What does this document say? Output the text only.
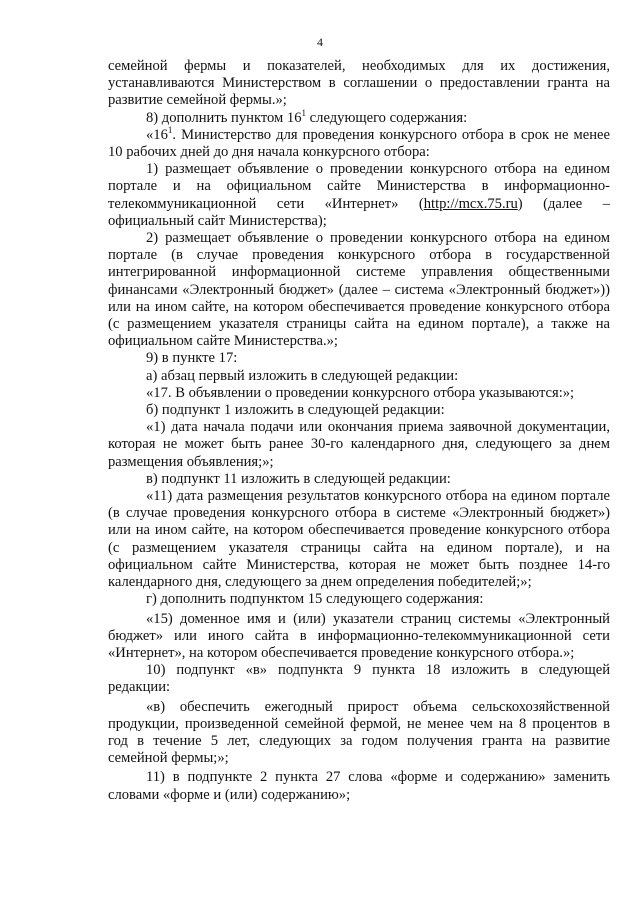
4

семейной фермы и показателей, необходимых для их достижения, устанавливаются Министерством в соглашении о предоставлении гранта на развитие семейной фермы.»;

8) дополнить пунктом $16^1$ следующего содержания:

«$16^1$. Министерство для проведения конкурсного отбора в срок не менее 10 рабочих дней до дня начала конкурсного отбора:

1) размещает объявление о проведении конкурсного отбора на едином портале и на официальном сайте Министерства в информационно-телекоммуникационной сети «Интернет» (http://mcx.75.ru) (далее – официальный сайт Министерства);

2) размещает объявление о проведении конкурсного отбора на едином портале (в случае проведения конкурсного отбора в государственной интегрированной информационной системе управления общественными финансами «Электронный бюджет» (далее – система «Электронный бюджет»)) или на ином сайте, на котором обеспечивается проведение конкурсного отбора (с размещением указателя страницы сайта на едином портале), а также на официальном сайте Министерства.»;

9) в пункте 17:

а) абзац первый изложить в следующей редакции:

«17. В объявлении о проведении конкурсного отбора указываются:»;

б) подпункт 1 изложить в следующей редакции:

«1) дата начала подачи или окончания приема заявочной документации, которая не может быть ранее 30-го календарного дня, следующего за днем размещения объявления;»;

в) подпункт 11 изложить в следующей редакции:

«11) дата размещения результатов конкурсного отбора на едином портале (в случае проведения конкурсного отбора в системе «Электронный бюджет») или на ином сайте, на котором обеспечивается проведение конкурсного отбора (с размещением указателя страницы сайта на едином портале), и на официальном сайте Министерства, которая не может быть позднее 14-го календарного дня, следующего за днем определения победителей;»;

г) дополнить подпунктом 15 следующего содержания:

«15) доменное имя и (или) указатели страниц системы «Электронный бюджет» или иного сайта в информационно-телекоммуникационной сети «Интернет», на котором обеспечивается проведение конкурсного отбора.»;

10) подпункт «в» подпункта 9 пункта 18 изложить в следующей редакции:

«в) обеспечить ежегодный прирост объема сельскохозяйственной продукции, произведенной семейной фермой, не менее чем на 8 процентов в год в течение 5 лет, следующих за годом получения гранта на развитие семейной фермы;»;

11) в подпункте 2 пункта 27 слова «форме и содержанию» заменить словами «форме и (или) содержанию»;
